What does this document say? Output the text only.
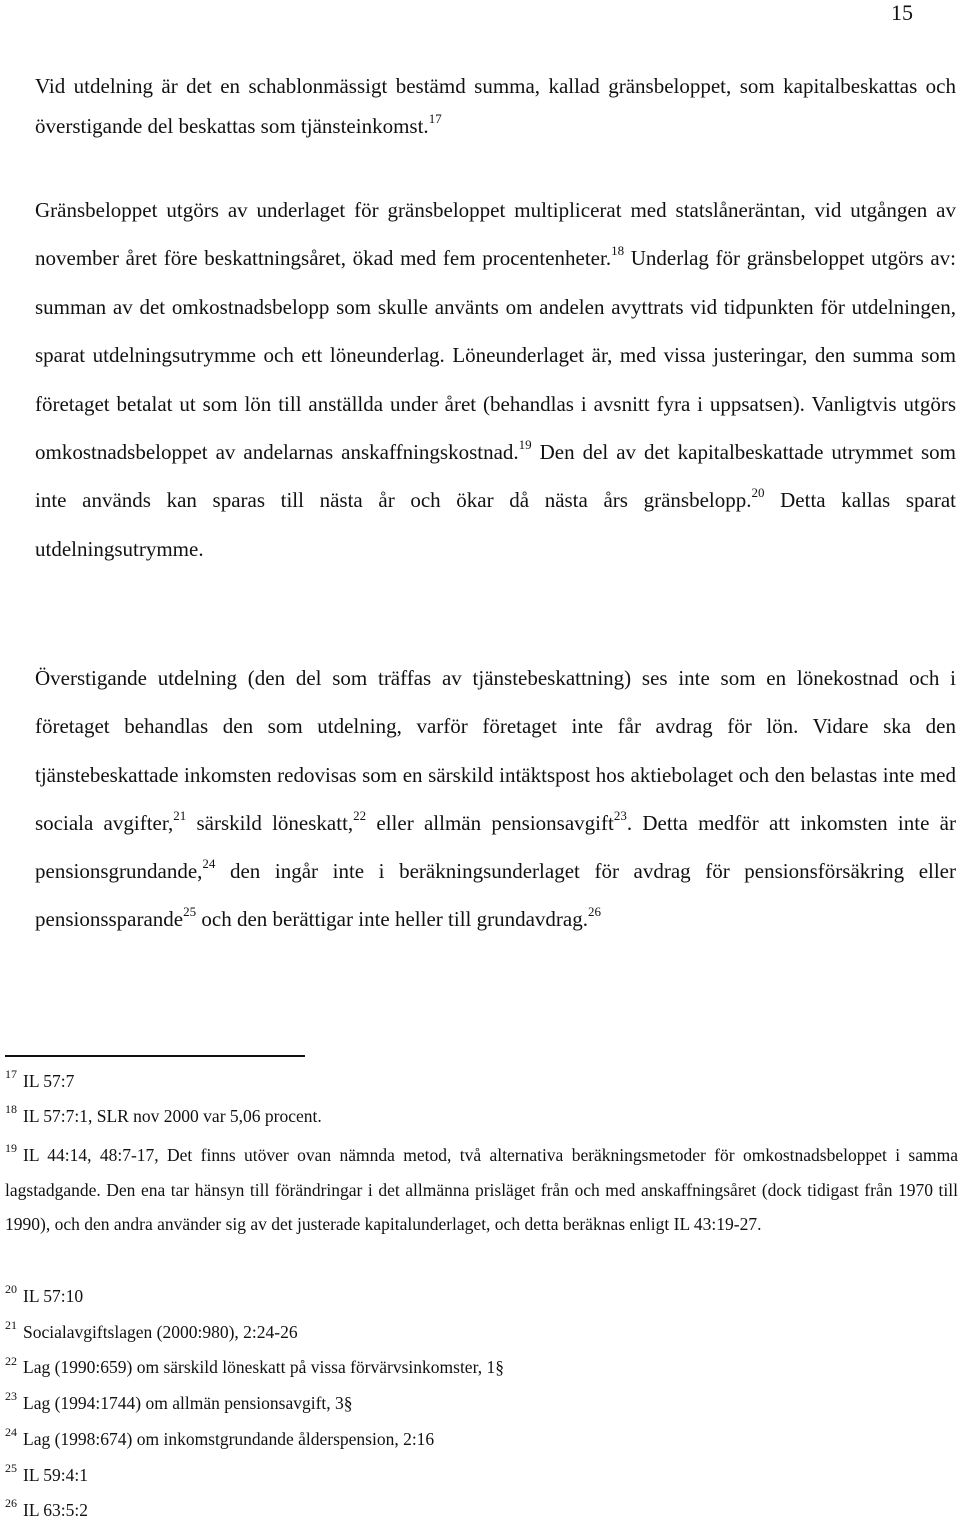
15

Vid utdelning är det en schablonmässigt bestämd summa, kallad gränsbeloppet, som kapitalbeskattas och överstigande del beskattas som tjänsteinkomst.$^{17}$

Gränsbeloppet utgörs av underlaget för gränsbeloppet multiplicerat med statslåneräntan, vid utgången av november året före beskattningsåret, ökad med fem procentenheter.$^{18}$ Underlag för gränsbeloppet utgörs av: summan av det omkostnadsbelopp som skulle använts om andelen avyttrats vid tidpunkten för utdelningen, sparat utdelningsutrymme och ett löneunderlag. Löneunderlaget är, med vissa justeringar, den summa som företaget betalat ut som lön till anställda under året (behandlas i avsnitt fyra i uppsatsen). Vanligtvis utgörs omkostnadsbeloppet av andelarnas anskaffningskostnad.$^{19}$ Den del av det kapitalbeskattade utrymmet som inte används kan sparas till nästa år och ökar då nästa års gränsbelopp.$^{20}$ Detta kallas sparat utdelningsutrymme.

Överstigande utdelning (den del som träffas av tjänstebeskattning) ses inte som en lönekostnad och i företaget behandlas den som utdelning, varför företaget inte får avdrag för lön. Vidare ska den tjänstebeskattade inkomsten redovisas som en särskild intäktspost hos aktiebolaget och den belastas inte med sociala avgifter,$^{21}$ särskild löneskatt,$^{22}$ eller allmän pensionsavgift$^{23}$. Detta medför att inkomsten inte är pensionsgrundande,$^{24}$ den ingår inte i beräkningsunderlaget för avdrag för pensionsförsäkring eller pensionssparande$^{25}$ och den berättigar inte heller till grundavdrag.$^{26}$

$^{17}$ IL 57:7

$^{18}$ IL 57:7:1, SLR nov 2000 var 5,06 procent.

$^{19}$ IL 44:14, 48:7-17, Det finns utöver ovan nämnda metod, två alternativa beräkningsmetoder för omkostnadsbeloppet i samma lagstadgande. Den ena tar hänsyn till förändringar i det allmänna prisläget från och med anskaffningsåret (dock tidigast från 1970 till 1990), och den andra använder sig av det justerade kapitalunderlaget, och detta beräknas enligt IL 43:19-27.

$^{20}$ IL 57:10

$^{21}$ Socialavgiftslagen (2000:980), 2:24-26

$^{22}$ Lag (1990:659) om särskild löneskatt på vissa förvärvsinkomster, 1§

$^{23}$ Lag (1994:1744) om allmän pensionsavgift, 3§

$^{24}$ Lag (1998:674) om inkomstgrundande ålderspension, 2:16

$^{25}$ IL 59:4:1

$^{26}$ IL 63:5:2
